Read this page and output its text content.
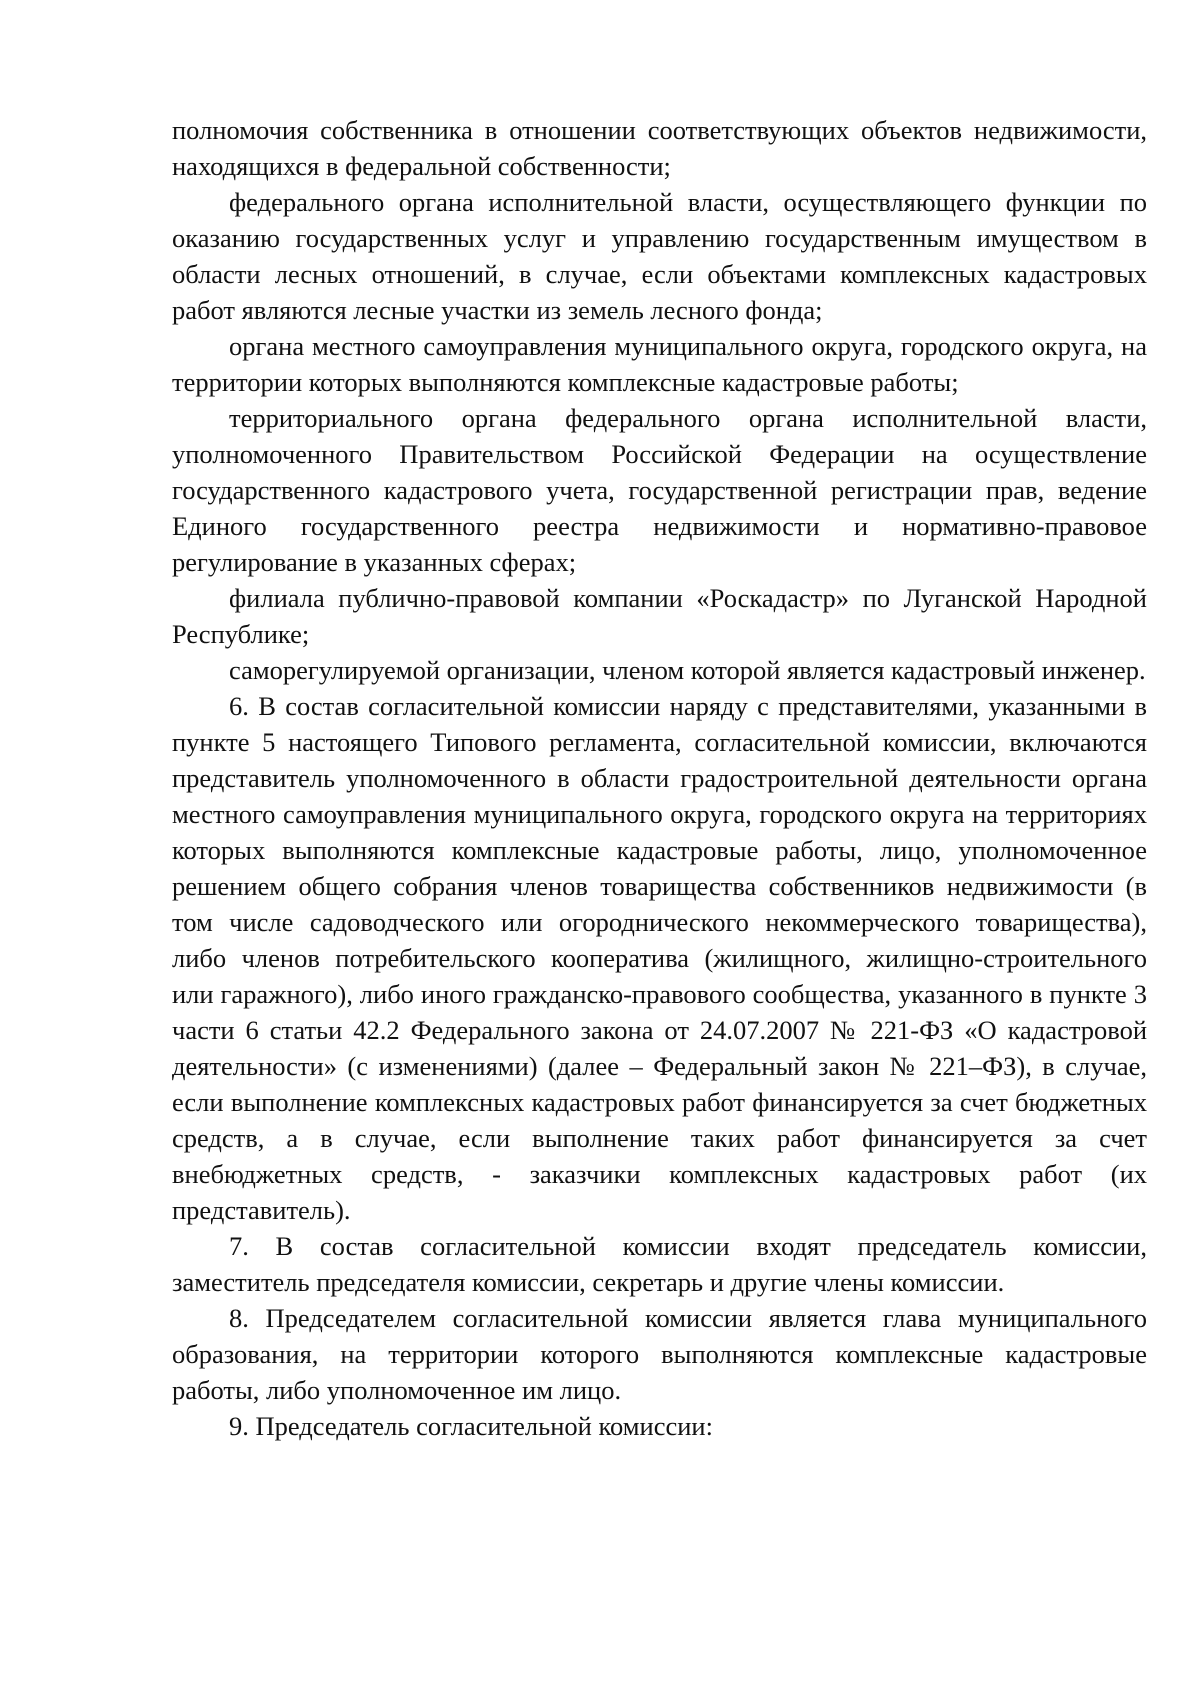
полномочия собственника в отношении соответствующих объектов недвижимости, находящихся в федеральной собственности;

федерального органа исполнительной власти, осуществляющего функции по оказанию государственных услуг и управлению государственным имуществом в области лесных отношений, в случае, если объектами комплексных кадастровых работ являются лесные участки из земель лесного фонда;

органа местного самоуправления муниципального округа, городского округа, на территории которых выполняются комплексные кадастровые работы;

территориального органа федерального органа исполнительной власти, уполномоченного Правительством Российской Федерации на осуществление государственного кадастрового учета, государственной регистрации прав, ведение Единого государственного реестра недвижимости и нормативно-правовое регулирование в указанных сферах;

филиала публично-правовой компании «Роскадастр» по Луганской Народной Республике;

саморегулируемой организации, членом которой является кадастровый инженер.

6. В состав согласительной комиссии наряду с представителями, указанными в пункте 5 настоящего Типового регламента, согласительной комиссии, включаются представитель уполномоченного в области градостроительной деятельности органа местного самоуправления муниципального округа, городского округа на территориях которых выполняются комплексные кадастровые работы, лицо, уполномоченное решением общего собрания членов товарищества собственников недвижимости (в том числе садоводческого или огороднического некоммерческого товарищества), либо членов потребительского кооператива (жилищного, жилищно-строительного или гаражного), либо иного гражданско-правового сообщества, указанного в пункте 3 части 6 статьи 42.2 Федерального закона от 24.07.2007 № 221-ФЗ «О кадастровой деятельности» (с изменениями) (далее – Федеральный закон № 221–ФЗ), в случае, если выполнение комплексных кадастровых работ финансируется за счет бюджетных средств, а в случае, если выполнение таких работ финансируется за счет внебюджетных средств, - заказчики комплексных кадастровых работ (их представитель).

7. В состав согласительной комиссии входят председатель комиссии, заместитель председателя комиссии, секретарь и другие члены комиссии.

8. Председателем согласительной комиссии является глава муниципального образования, на территории которого выполняются комплексные кадастровые работы, либо уполномоченное им лицо.

9. Председатель согласительной комиссии:
